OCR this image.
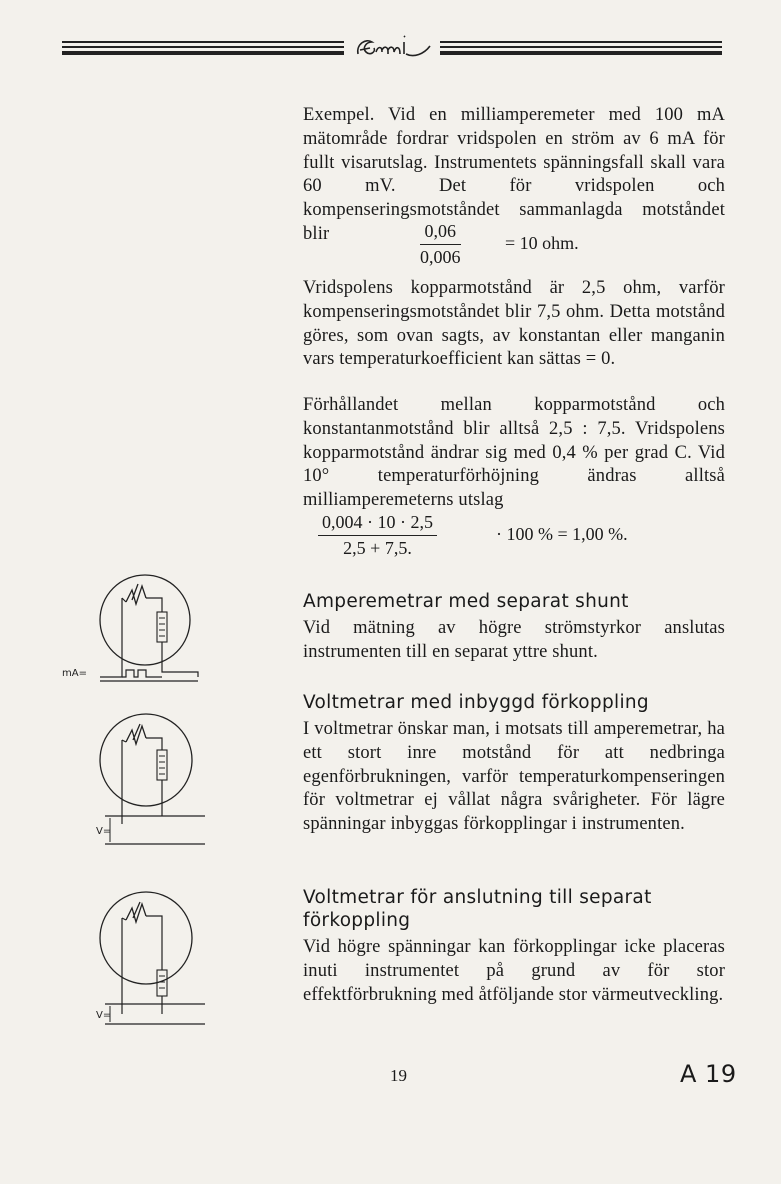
Exempel. Vid en milliamperemeter med 100 mA mätområde fordrar vridspolen en ström av 6 mA för fullt visarutslag. Instrumentets spänningsfall skall vara 60 mV. Det för vridspolen och kompenseringsmotståndet sammanlagda motståndet blir	$\frac{0,06}{0,006} = 10$ ohm.

Vridspolens kopparmotstånd är 2,5 ohm, varför kompenseringsmotståndet blir 7,5 ohm. Detta motstånd göres, som ovan sagts, av konstantan eller manganin vars temperaturkoefficient kan sättas = 0.

Förhållandet mellan kopparmotstånd och konstantanmotstånd blir alltså 2,5 : 7,5. Vridspolens kopparmotstånd ändrar sig med 0,4 % per grad C. Vid 10° temperaturförhöjning ändras alltså milliamperemeterns utslag

$\frac{0,004 \cdot 10 \cdot 2,5}{2,5 + 7,5.}$	· 100 % = 1,00 %.
Amperemetrar med separat shunt

Vid mätning av högre strömstyrkor anslutas instrumenten till en separat yttre shunt.

Voltmetrar med inbyggd förkoppling

I voltmetrar önskar man, i motsats till amperemetrar, ha ett stort inre motstånd för att nedbringa egenförbrukningen, varför temperaturkompenseringen för voltmetrar ej vållat några svårigheter. För lägre spänningar inbyggas förkopplingar i instrumenten.

Voltmetrar för anslutning till separat förkoppling

Vid högre spänningar kan förkopplingar icke placeras inuti instrumentet på grund av för stor effektförbrukning med åtföljande stor värmeutveckling.

mA=
V=
V=
19	A 19
